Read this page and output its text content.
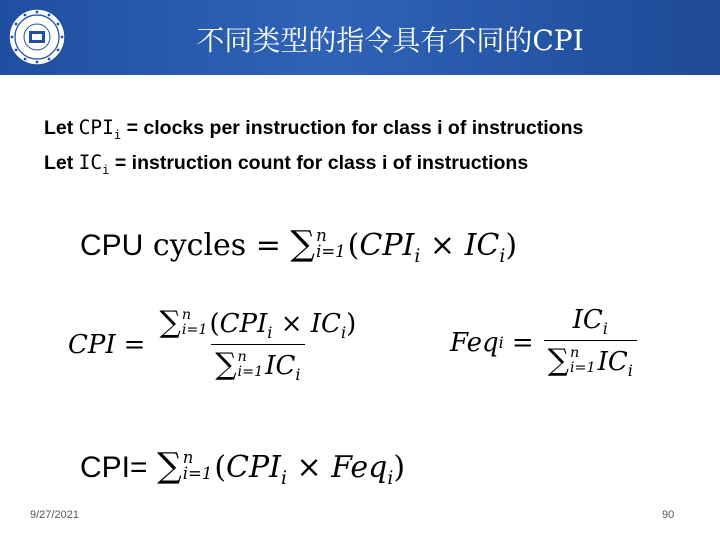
不同类型的指令具有不同的CPI
Let $CPI_i$ = clocks per instruction for class i of instructions
Let $IC_i$ = instruction count for class i of instructions
CPU cycles = ∑ n
i=1 $(CPI_i \times IC_i)$
CPI = ∑ n
i=1 $(CPI_i \times IC_i)$
∑ n
i=1 $IC_i$	Feq $i = IC_i$
∑ n
i=1 $IC_i$
CPI= ∑ n
i=1 $(CPI_i \times Feq_i)$
9/27/2021	90
